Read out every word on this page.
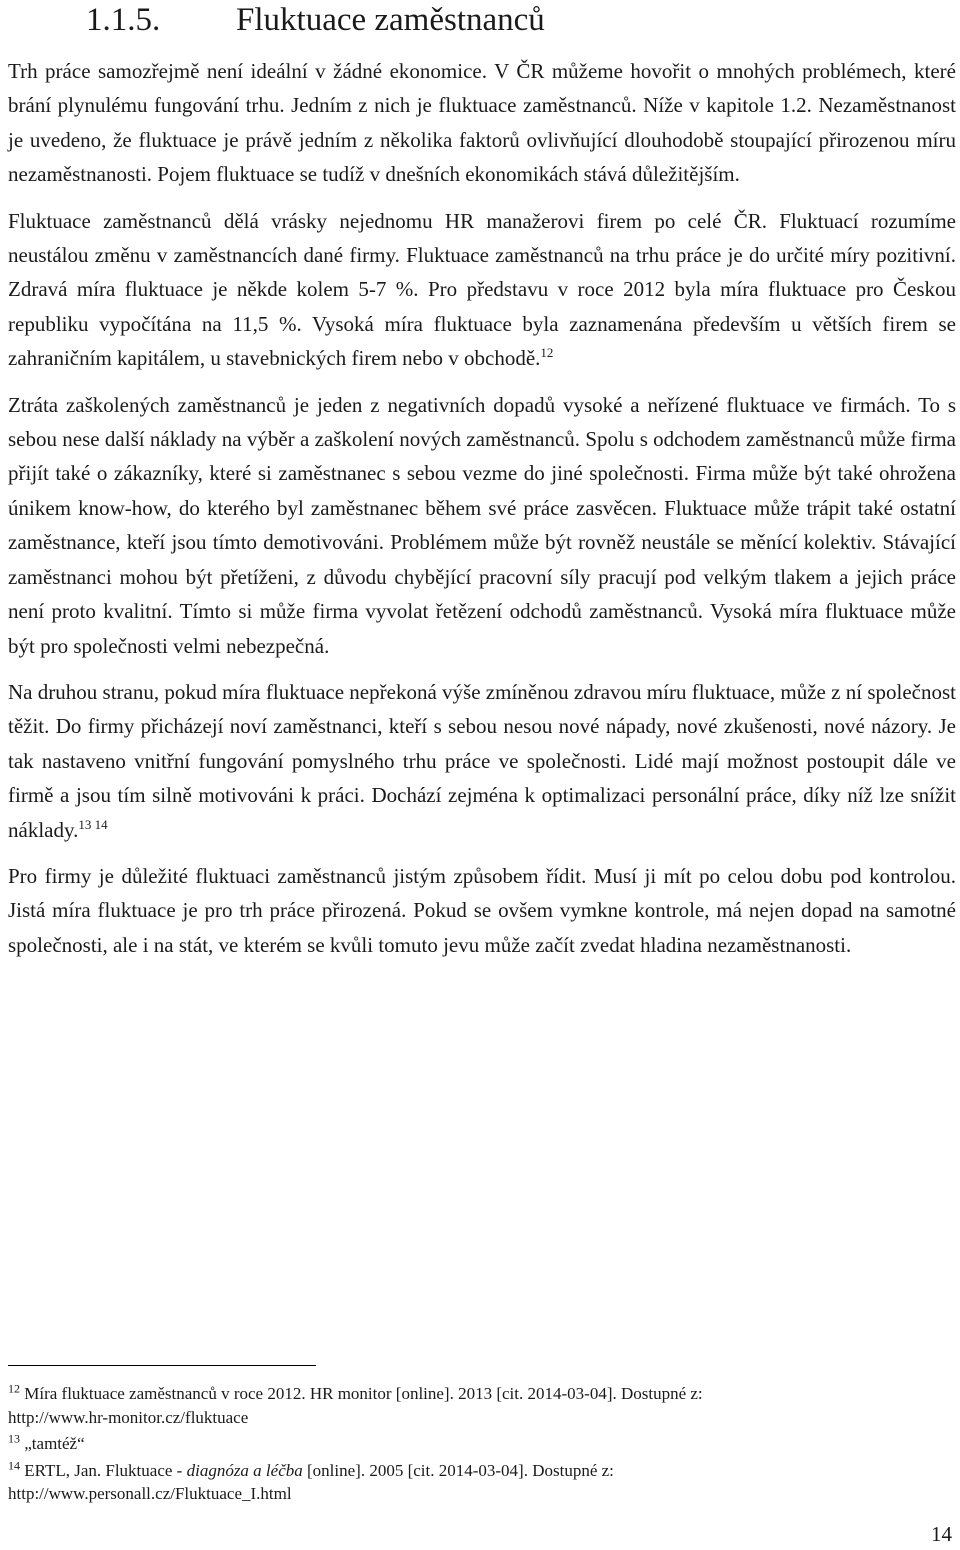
1.1.5. Fluktuace zaměstnanců

Trh práce samozřejmě není ideální v žádné ekonomice. V ČR můžeme hovořit o mnohých problémech, které brání plynulému fungování trhu. Jedním z nich je fluktuace zaměstnanců. Níže v kapitole 1.2. Nezaměstnanost je uvedeno, že fluktuace je právě jedním z několika faktorů ovlivňující dlouhodobě stoupající přirozenou míru nezaměstnanosti. Pojem fluktuace se tudíž v dnešních ekonomikách stává důležitějším.

Fluktuace zaměstnanců dělá vrásky nejednomu HR manažerovi firem po celé ČR. Fluktuací rozumíme neustálou změnu v zaměstnancích dané firmy. Fluktuace zaměstnanců na trhu práce je do určité míry pozitivní. Zdravá míra fluktuace je někde kolem 5-7 %. Pro představu v roce 2012 byla míra fluktuace pro Českou republiku vypočítána na 11,5 %. Vysoká míra fluktuace byla zaznamenána především u větších firem se zahraničním kapitálem, u stavebnických firem nebo v obchodě.$^{12}$

Ztráta zaškolených zaměstnanců je jeden z negativních dopadů vysoké a neřízené fluktuace ve firmách. To s sebou nese další náklady na výběr a zaškolení nových zaměstnanců. Spolu s odchodem zaměstnanců může firma přijít také o zákazníky, které si zaměstnanec s sebou vezme do jiné společnosti. Firma může být také ohrožena únikem know-how, do kterého byl zaměstnanec během své práce zasvěcen. Fluktuace může trápit také ostatní zaměstnance, kteří jsou tímto demotivováni. Problémem může být rovněž neustále se měnící kolektiv. Stávající zaměstnanci mohou být přetíženi, z důvodu chybějící pracovní síly pracují pod velkým tlakem a jejich práce není proto kvalitní. Tímto si může firma vyvolat řetězení odchodů zaměstnanců. Vysoká míra fluktuace může být pro společnosti velmi nebezpečná.

Na druhou stranu, pokud míra fluktuace nepřekoná výše zmíněnou zdravou míru fluktuace, může z ní společnost těžit. Do firmy přicházejí noví zaměstnanci, kteří s sebou nesou nové nápady, nové zkušenosti, nové názory. Je tak nastaveno vnitřní fungování pomyslného trhu práce ve společnosti. Lidé mají možnost postoupit dále ve firmě a jsou tím silně motivováni k práci. Dochází zejména k optimalizaci personální práce, díky níž lze snížit náklady.$^{13 14}$

Pro firmy je důležité fluktuaci zaměstnanců jistým způsobem řídit. Musí ji mít po celou dobu pod kontrolou. Jistá míra fluktuace je pro trh práce přirozená. Pokud se ovšem vymkne kontrole, má nejen dopad na samotné společnosti, ale i na stát, ve kterém se kvůli tomuto jevu může začít zvedat hladina nezaměstnanosti.

$^{12}$ Míra fluktuace zaměstnanců v roce 2012. HR monitor [online]. 2013 [cit. 2014-03-04]. Dostupné z:
http://www.hr-monitor.cz/fluktuace
$^{13}$ „tamtéž“
$^{14}$ ERTL, Jan. Fluktuace - diagnóza a léčba [online]. 2005 [cit. 2014-03-04]. Dostupné z:
http://www.personall.cz/Fluktuace_I.html
14
